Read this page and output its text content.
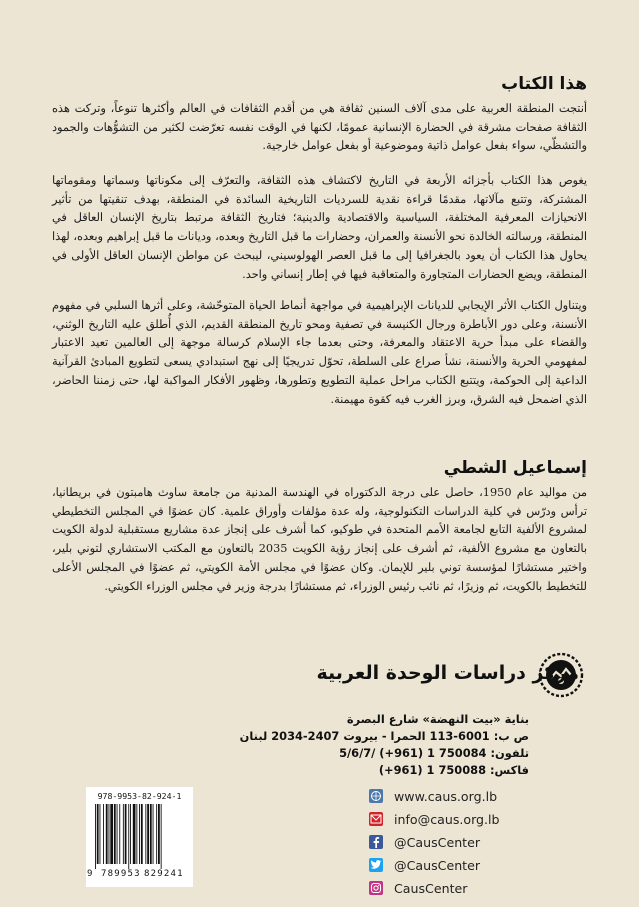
هذا الكتاب

أنتجت المنطقة العربية على مدى آلاف السنين ثقافة هي من أقدم الثقافات في العالم وأكثرها تنوعاً، وتركت هذه الثقافة صفحات مشرقة في الحضارة الإنسانية عمومًا، لكنها في الوقت نفسه تعرّضت لكثير من التشوُّهات والجمود والتشظّي، سواء بفعل عوامل ذاتية وموضوعية أو بفعل عوامل خارجية.

يغوص هذا الكتاب بأجزائه الأربعة في التاريخ لاكتشاف هذه الثقافة، والتعرّف إلى مكوناتها وسماتها ومقوماتها المشتركة، وتتبع مآلاتها، مقدمًا قراءة نقدية للسرديات التاريخية السائدة في المنطقة، بهدف تنقيتها من تأثير الانحيازات المعرفية المختلفة، السياسية والاقتصادية والدينية؛ فتاريخ الثقافة مرتبط بتاريخ الإنسان العاقل في المنطقة، ورسالته الخالدة نحو الأنسنة والعمران، وحضارات ما قبل التاريخ وبعده، وديانات ما قبل إبراهيم وبعده، لهذا يحاول هذا الكتاب أن يعود بالجغرافيا إلى ما قبل العصر الهولوسيني، ليبحث عن مواطن الإنسان العاقل الأولى في المنطقة، ويضع الحضارات المتجاورة والمتعاقبة فيها في إطار إنساني واحد.

ويتناول الكتاب الأثر الإيجابي للديانات الإبراهيمية في مواجهة أنماط الحياة المتوحّشة، وعلى أثرها السلبي في مفهوم الأنسنة، وعلى دور الأباطرة ورجال الكنيسة في تصفية ومحو تاريخ المنطقة القديم، الذي أُطلق عليه التاريخ الوثني، والقضاء على مبدأ حرية الاعتقاد والمعرفة، وحتى بعدما جاء الإسلام كرسالة موجهة إلى العالمين تعيد الاعتبار لمفهومي الحرية والأنسنة، نشأ صراع على السلطة، تحوّل تدريجيًا إلى نهج استبدادي يسعى لتطويع المبادئ القرآنية الداعية إلى الحوكمة، ويتتبع الكتاب مراحل عملية التطويع وتطورها، وظهور الأفكار المواكبة لها، حتى زمننا الحاضر، الذي اضمحل فيه الشرق، وبرز الغرب فيه كقوة مهيمنة.

إسماعيل الشطي

من مواليد عام 1950، حاصل على درجة الدكتوراه في الهندسة المدنية من جامعة ساوث هامبتون في بريطانيا، ترأس ودرّس في كلية الدراسات التكنولوجية، وله عدة مؤلفات وأوراق علمية. كان عضوًا في المجلس التخطيطي لمشروع الألفية التابع لجامعة الأمم المتحدة في طوكيو، كما أشرف على إنجاز عدة مشاريع مستقبلية لدولة الكويت بالتعاون مع مشروع الألفية، ثم أشرف على إنجاز رؤية الكويت 2035 بالتعاون مع المكتب الاستشاري لتوني بلير، واختير مستشارًا لمؤسسة توني بلير للإيمان. وكان عضوًا في مجلس الأمة الكويتي، ثم عضوًا في المجلس الأعلى للتخطيط بالكويت، ثم وزيرًا، ثم نائب رئيس الوزراء، ثم مستشارًا بدرجة وزير في مجلس الوزراء الكويتي.

مركز دراسات الوحدة العربية
بناية «بيت النهضة» شارع البصرة
ص ب: 6001-113 الحمرا - بيروت 2407-2034 لبنان
تلفون: 750084 1 (961+) /5/6/7
فاكس: 750088 1 (961+)
www.caus.org.lb
info@caus.org.lb
@CausCenter
@CausCenter
CausCenter
978-9953-82-924-1
9 789953 829241
